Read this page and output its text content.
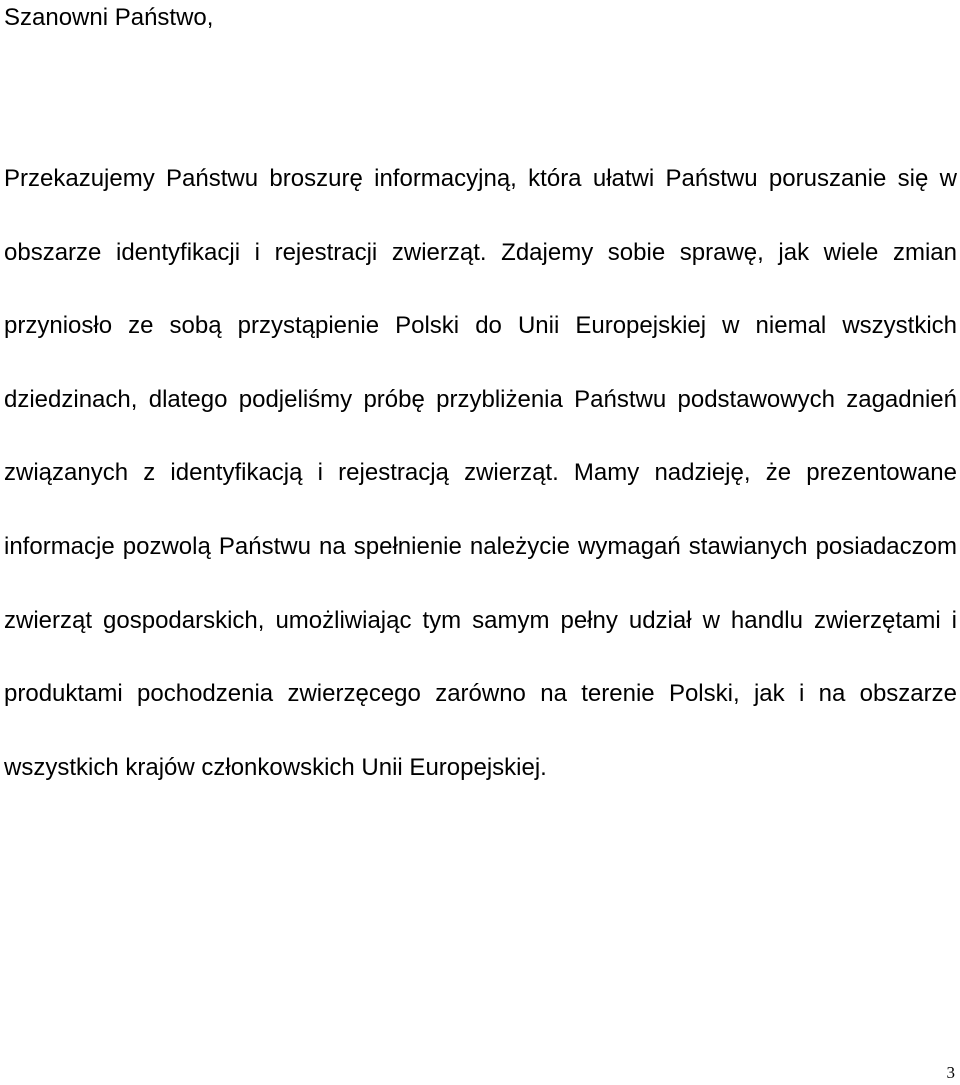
Szanowni Państwo,

Przekazujemy Państwu broszurę informacyjną, która ułatwi Państwu poruszanie się w obszarze identyfikacji i rejestracji zwierząt. Zdajemy sobie sprawę, jak wiele zmian przyniosło ze sobą przystąpienie Polski do Unii Europejskiej w niemal wszystkich dziedzinach, dlatego podjeliśmy próbę przybliżenia Państwu podstawowych zagadnień związanych z identyfikacją i rejestracją zwierząt. Mamy nadzieję, że prezentowane informacje pozwolą Państwu na spełnienie należycie wymagań stawianych posiadaczom zwierząt gospodarskich, umożliwiając tym samym pełny udział w handlu zwierzętami i produktami pochodzenia zwierzęcego zarówno na terenie Polski, jak i na obszarze wszystkich krajów członkowskich Unii Europejskiej.

3
